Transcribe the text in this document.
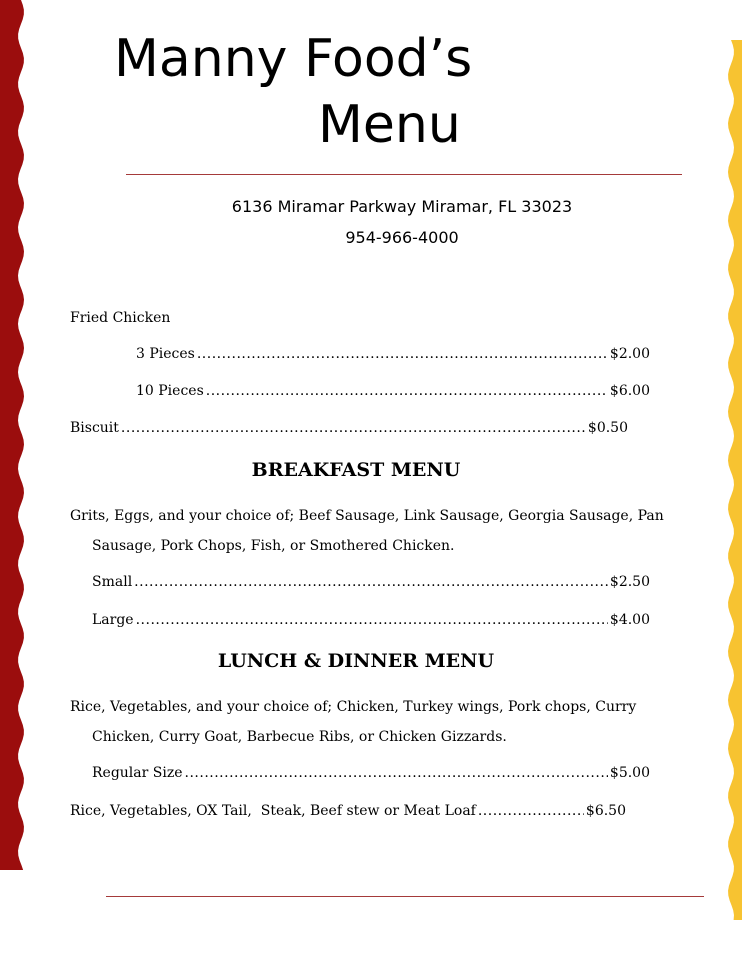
Manny Food’s
Menu
6136 Miramar Parkway Miramar, FL 33023
954-966-4000
Fried Chicken
3 Pieces .....	$2.00
10 Pieces .....	$6.00
Biscuit .....	$0.50
BREAKFAST MENU
Grits, Eggs, and your choice of; Beef Sausage, Link Sausage, Georgia Sausage, Pan
Sausage, Pork Chops, Fish, or Smothered Chicken.
Small .....	$2.50
Large .....	$4.00
LUNCH & DINNER MENU
Rice, Vegetables, and your choice of; Chicken, Turkey wings, Pork chops, Curry
Chicken, Curry Goat, Barbecue Ribs, or Chicken Gizzards.
Regular Size .....	$5.00
Rice, Vegetables, OX Tail,  Steak, Beef stew or Meat Loaf .....	$6.50
